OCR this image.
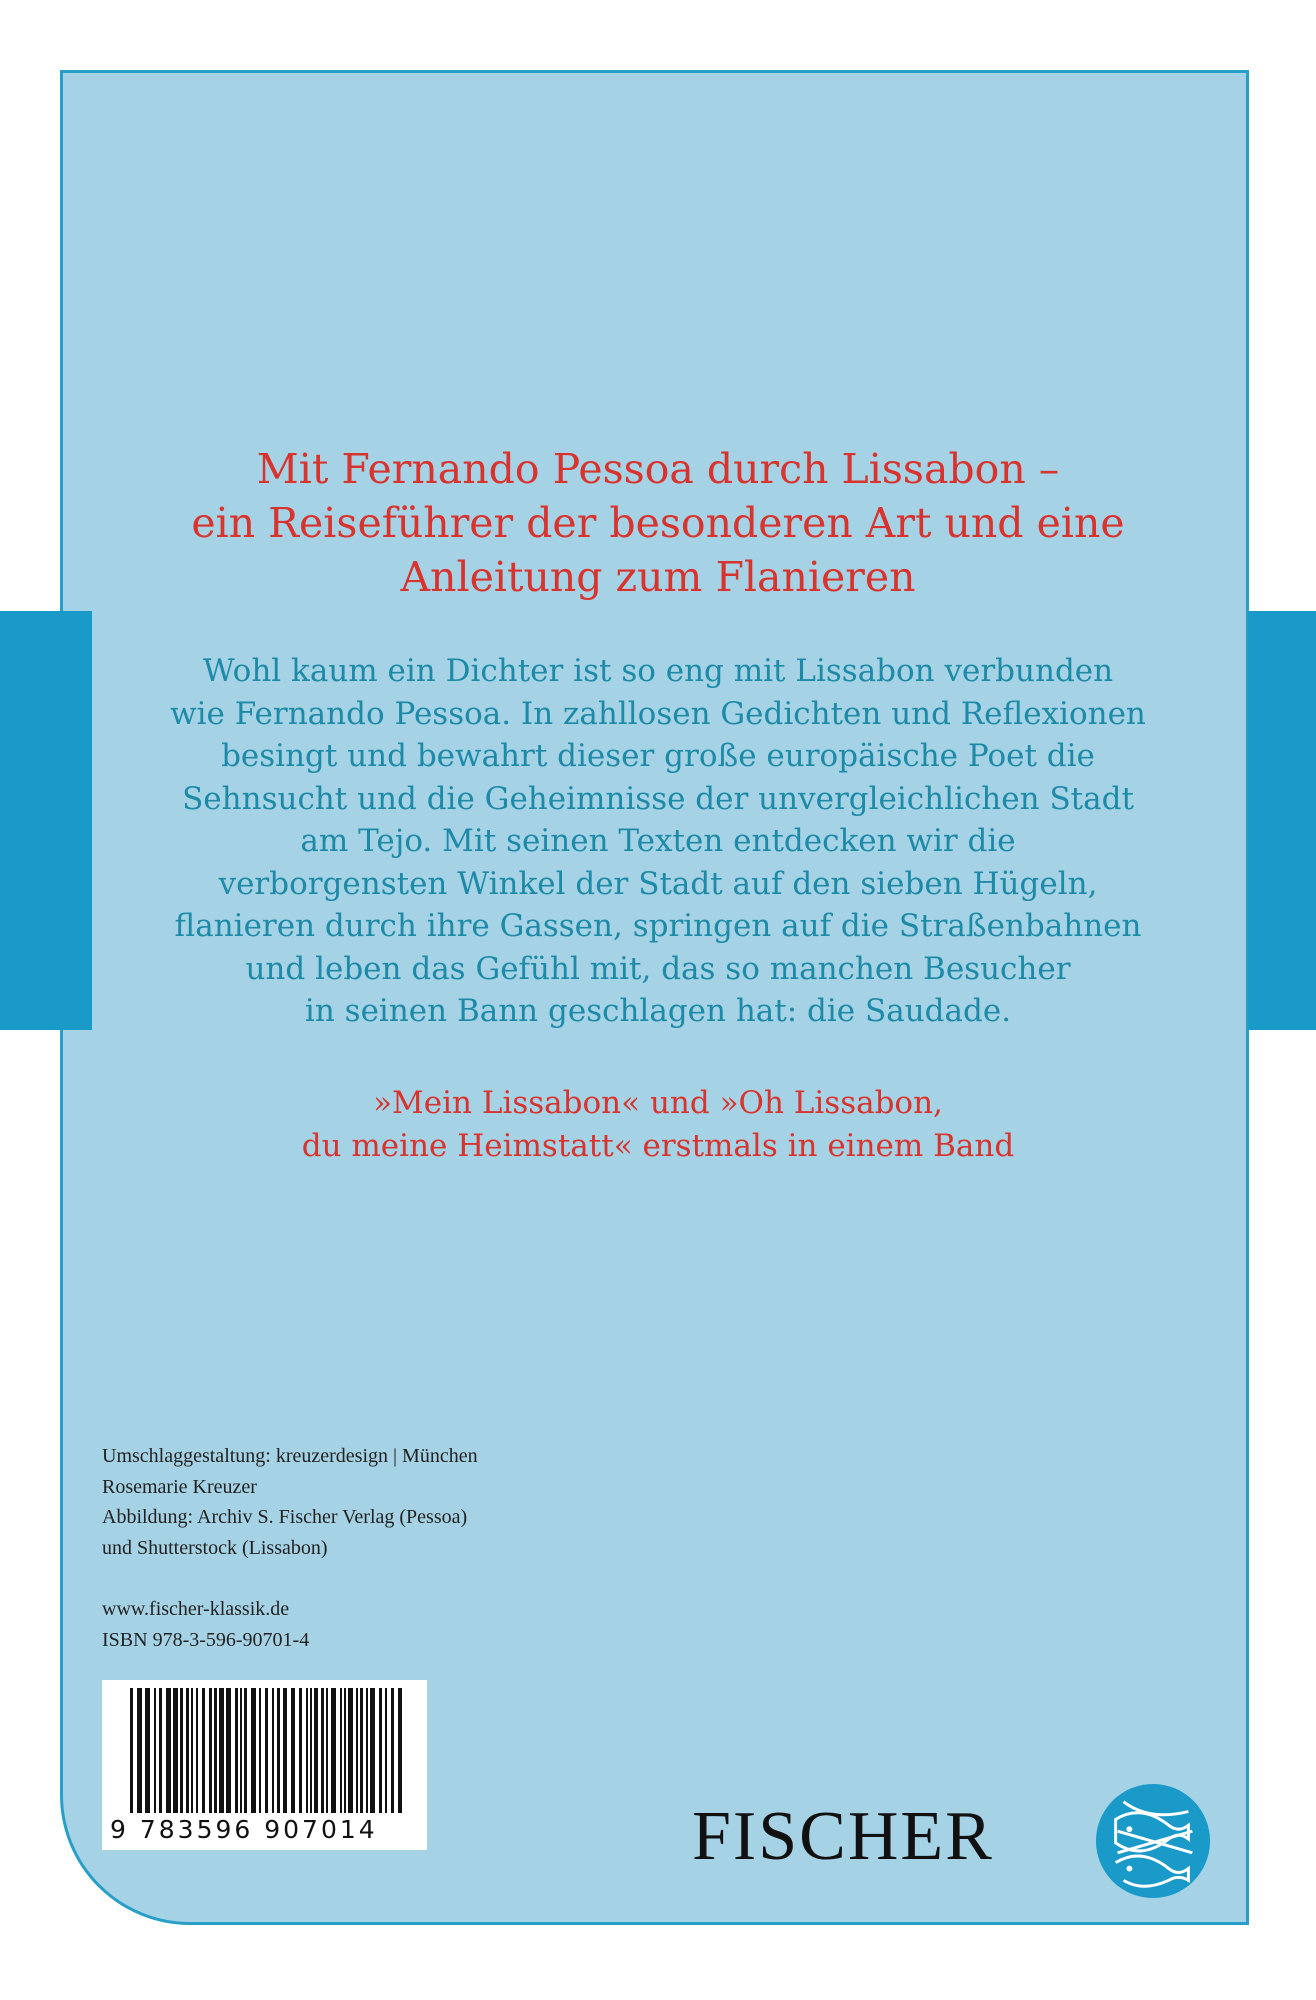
Mit Fernando Pessoa durch Lissabon –
ein Reiseführer der besonderen Art und eine
Anleitung zum Flanieren
Wohl kaum ein Dichter ist so eng mit Lissabon verbunden
wie Fernando Pessoa. In zahllosen Gedichten und Reflexionen
besingt und bewahrt dieser große europäische Poet die
Sehnsucht und die Geheimnisse der unvergleichlichen Stadt
am Tejo. Mit seinen Texten entdecken wir die
verborgensten Winkel der Stadt auf den sieben Hügeln,
flanieren durch ihre Gassen, springen auf die Straßenbahnen
und leben das Gefühl mit, das so manchen Besucher
in seinen Bann geschlagen hat: die Saudade.
»Mein Lissabon« und »Oh Lissabon,
du meine Heimstatt« erstmals in einem Band
Umschlaggestaltung: kreuzerdesign | München
Rosemarie Kreuzer
Abbildung: Archiv S. Fischer Verlag (Pessoa)
und Shutterstock (Lissabon)
www.fischer-klassik.de
ISBN 978-3-596-90701-4
9 783596 907014	FISCHER
